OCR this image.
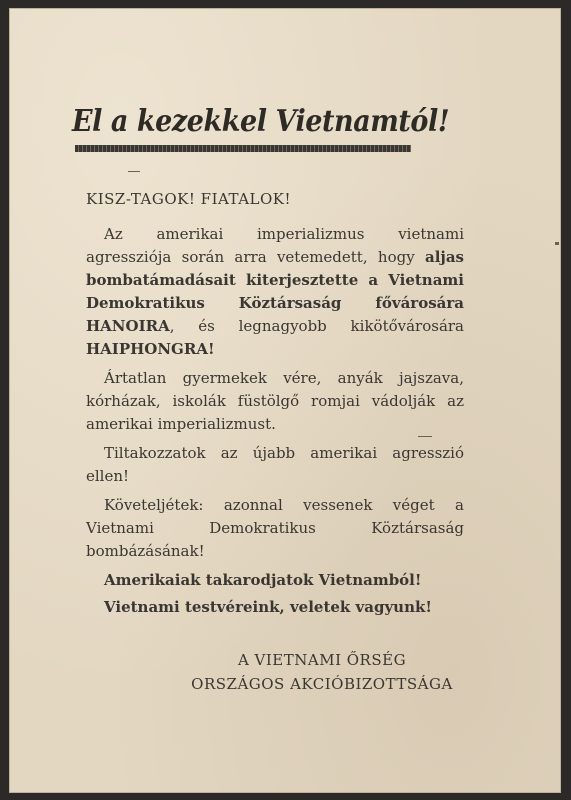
El a kezekkel Vietnamtól!

KISZ-TAGOK! FIATALOK!

Az amerikai imperializmus vietnami agressziója során arra vetemedett, hogy aljas bombatámadásait kiterjesztette a Vietnami Demokratikus Köztársaság fővárosára HANOIRA, és legnagyobb kikötővárosára HAIPHONGRA!

Ártatlan gyermekek vére, anyák jajszava, kórházak, iskolák füstölgő romjai vádolják az amerikai imperializmust.

Tiltakozzatok az újabb amerikai agresszió ellen!

Követeljétek: azonnal vessenek véget a Vietnami Demokratikus Köztársaság bombázásának!

Amerikaiak takarodjatok Vietnamból!

Vietnami testvéreink, veletek vagyunk!

A VIETNAMI ŐRSÉG
ORSZÁGOS AKCIÓBIZOTTSÁGA
